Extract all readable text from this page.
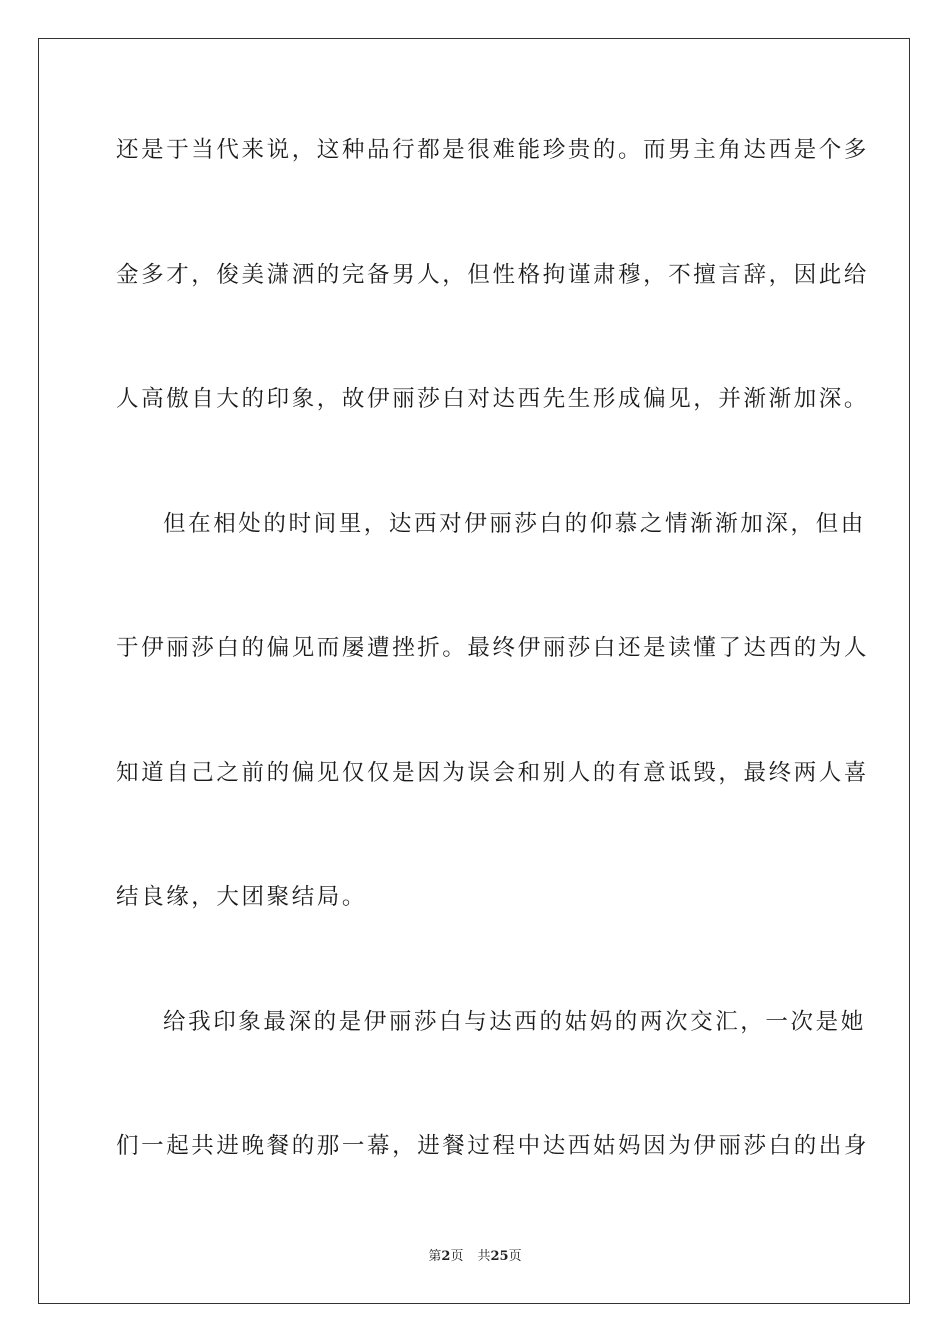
还是于当代来说，这种品行都是很难能珍贵的。而男主角达西是个多
金多才，俊美潇洒的完备男人，但性格拘谨肃穆，不擅言辞，因此给
人高傲自大的印象，故伊丽莎白对达西先生形成偏见，并渐渐加深。
但在相处的时间里，达西对伊丽莎白的仰慕之情渐渐加深，但由
于伊丽莎白的偏见而屡遭挫折。最终伊丽莎白还是读懂了达西的为人
知道自己之前的偏见仅仅是因为误会和别人的有意诋毁，最终两人喜
结良缘，大团聚结局。
给我印象最深的是伊丽莎白与达西的姑妈的两次交汇，一次是她
们一起共进晚餐的那一幕，进餐过程中达西姑妈因为伊丽莎白的出身
第2页 共25页
